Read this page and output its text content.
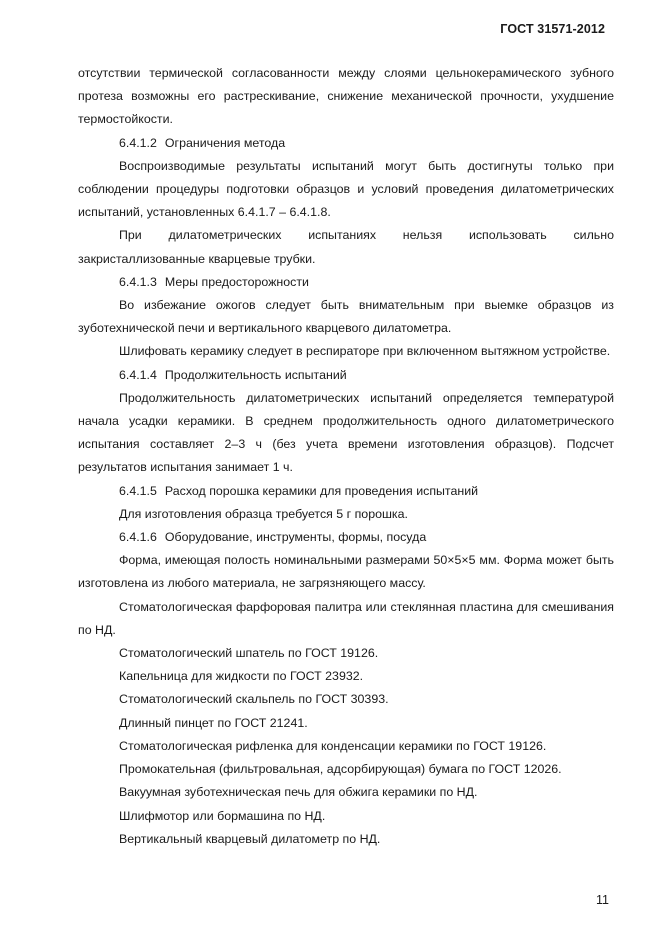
ГОСТ 31571-2012

отсутствии термической согласованности между слоями цельнокерамического зубного протеза возможны его растрескивание, снижение механической прочности, ухудшение термостойкости.

6.4.1.2 Ограничения метода

Воспроизводимые результаты испытаний могут быть достигнуты только при соблюдении процедуры подготовки образцов и условий проведения дилатометрических испытаний, установленных 6.4.1.7 – 6.4.1.8.

При дилатометрических испытаниях нельзя использовать сильно закристаллизованные кварцевые трубки.

6.4.1.3 Меры предосторожности

Во избежание ожогов следует быть внимательным при выемке образцов из зуботехнической печи и вертикального кварцевого дилатометра.

Шлифовать керамику следует в респираторе при включенном вытяжном устройстве.

6.4.1.4 Продолжительность испытаний

Продолжительность дилатометрических испытаний определяется температурой начала усадки керамики. В среднем продолжительность одного дилатометрического испытания составляет 2–3 ч (без учета времени изготовления образцов). Подсчет результатов испытания занимает 1 ч.

6.4.1.5 Расход порошка керамики для проведения испытаний

Для изготовления образца требуется 5 г порошка.

6.4.1.6 Оборудование, инструменты, формы, посуда

Форма, имеющая полость номинальными размерами 50×5×5 мм. Форма может быть изготовлена из любого материала, не загрязняющего массу.

Стоматологическая фарфоровая палитра или стеклянная пластина для смешивания по НД.

Стоматологический шпатель по ГОСТ 19126.

Капельница для жидкости по ГОСТ 23932.

Стоматологический скальпель по ГОСТ 30393.

Длинный пинцет по ГОСТ 21241.

Стоматологическая рифленка для конденсации керамики по ГОСТ 19126.

Промокательная (фильтровальная, адсорбирующая) бумага по ГОСТ 12026.

Вакуумная зуботехническая печь для обжига керамики по НД.

Шлифмотор или бормашина по НД.

Вертикальный кварцевый дилатометр по НД.

11
